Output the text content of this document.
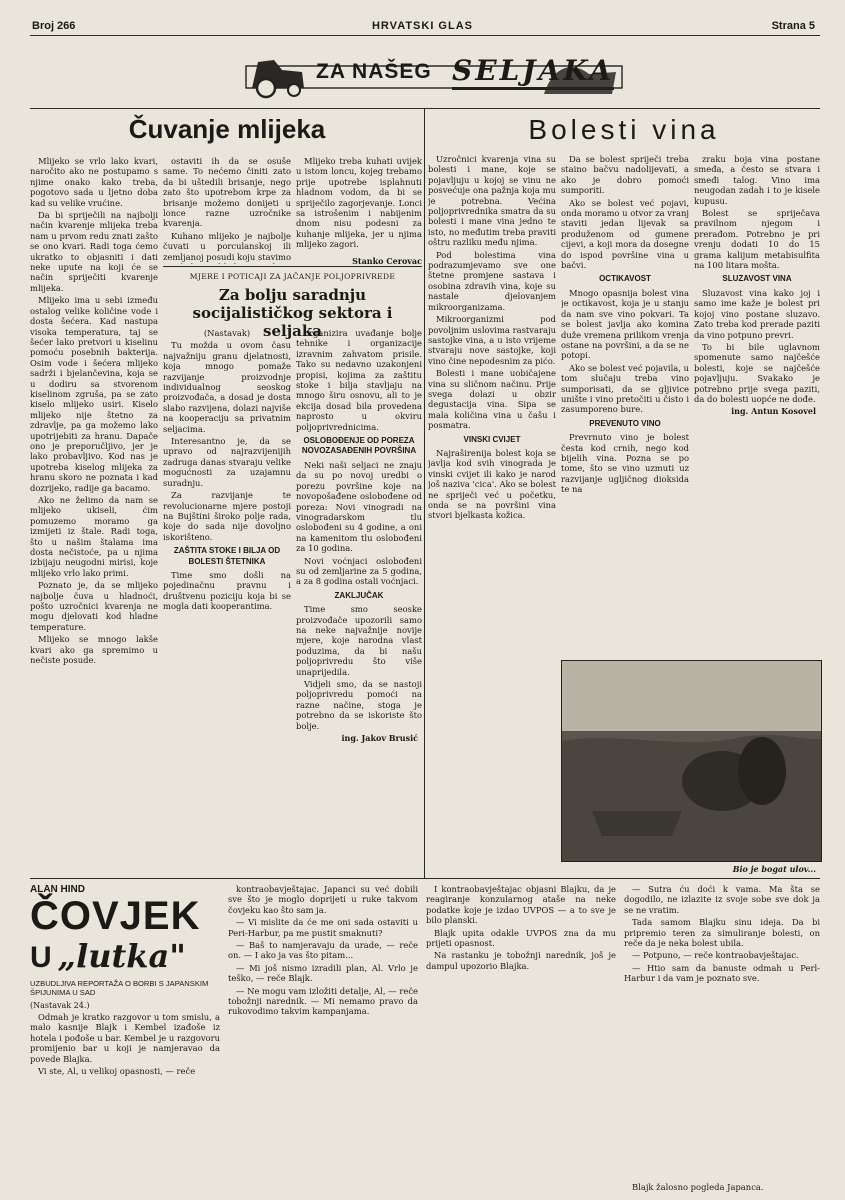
Broj 266	HRVATSKI GLAS	Strana 5
ZA NAŠEG SELJAKA
Čuvanje mlijeka

Mlijeko se vrlo lako kvari, naročito ako ne postupamo s njime onako kako treba, pogotovo sada u ljetno doba kad su velike vrućine.

Da bi spriječili na najbolji način kvarenje mlijeka treba nam u prvom redu znati zašto se ono kvari. Radi toga ćemo ukratko to objasniti i dati neke upute na koji će se način spriječiti kvarenje mlijeka.

Mlijeko ima u sebi između ostalog velike količine vode i dosta šećera. Kad nastupa visoka temperatura, taj se šećer lako pretvori u kiselinu pomoću posebnih bakterija. Osim vode i šećera mlijeko sadrži i bjelančevina, koja se u dodiru sa stvorenom kiselinom zgruša, pa se zato kiselo mlijeko usiri. Kiselo mlijeko nije štetno za zdravlje, pa ga možemo lako upotrijebiti za hranu. Dapače ono je preporučljivo, jer je lako probavljivo. Kod nas je upotreba kiselog mlijeka za hranu skoro ne poznata i kad dozrijeko, radije ga bacamo.

Ako ne želimo da nam se mlijeko ukiseli, ćim pomuzemo moramo ga izmijeti iz štale. Radi toga, što u našim štalama ima dosta nečistoće, pa u njima izbijaju neugodni mirisi, koje mlijeko vrlo lako primi.

Poznato je, da se mlijeko najbolje čuva u hladnoći, pošto uzročnici kvarenja ne mogu djelovati kod hladne temperature.

Mlijeko se mnogo lakše kvari ako ga spremimo u nečiste posude.

ostaviti ih da se osuše same. To nećemo činiti zato da bi uštedili brisanje, nego zato što upotrebom krpe za brisanje možemo donijeti u lonce razne uzročnike kvarenja.

Kuhano mlijeko je najbolje čuvati u porculanskoj ili zemljanoj posudi koju stavimo

Mlijeko treba kuhati uvijek u istom loncu, kojeg trebamo prije upotrebe isplahnuti hladnom vodom, da bi se spriječilo zagorjevanje. Lonci sa istrošenim i nabijenim dnom nisu podesni za kuhanje mlijeka, jer u njima mlijeko zagori.

Stanko Cerovac
MJERE I POTICAJI ZA JAČANJE POLJOPRIVREDE
Za bolju saradnju socijalističkog sektora i seljaka

(Nastavak)

Tu možda u ovom času najvažniju granu djelatnosti, koja mnogo pomaže razvijanje proizvodnje individualnog seoskog proizvođača, a dosad je dosta slabo razvijena, dolazi najviše na kooperaciju sa privatnim seljacima.

Interesantno je, da se upravo od najrazvijenijih zadruga danas stvaraju velike mogućnosti za uzajamnu suradnju.

Za razvijanje te revolucionarne mjere postoji na Bujštini široko polje rada, koje do sada nije dovoljno iskorišteno.

ZAŠTITA STOKE I BILJA OD BOLESTI ŠTETNIKA

Time smo došli na pojedinačnu pravnu i društvenu poziciju koja bi se mogla dati kooperantima.

organizira uvađanje bolje tehnike i organizacije izravnim zahvatom prisile. Tako su nedavno uzakonjeni propisi, kojima za zaštitu stoke i bilja stavljaju na mnogo širu osnovu, ali to je ekcija dosad bila provedena naprosto u okviru poljoprivrednicima.

OSLOBOĐENJE OD POREZA NOVOZASAĐENIH POVRŠINA

Neki naši seljaci ne znaju da su po novoj uredbi o porezu površine koje na novopošađene oslobođene od poreza: Novi vinogradi na vinogradarskom tlu oslobođeni su 4 godine, a oni na kamenitom tlu oslobođeni za 10 godina.

Novi voćnjaci oslobođeni su od zemljarine za 5 godina, a za 8 godina ostali voćnjaci.

ZAKLJUČAK

Time smo seoske proizvođače upozorili samo na neke najvažnije novije mjere, koje narodna vlast poduzima, da bi našu poljoprivredu što više unaprijedila.

Vidjeli smo, da se nastoji poljoprivredu pomoći na razne načine, stoga je potrebno da se iskoriste što bolje.

ing. Jakov Brusić
Bolesti vina

Uzročnici kvarenja vina su bolesti i mane, koje se pojavljuju u kojoj se vinu ne posvećuje ona pažnja koja mu je potrebna. Većina poljoprivrednika smatra da su bolesti i mane vina jedno te isto, no međutim treba praviti oštru razliku među njima.

Pod bolestima vina podrazumjevamo sve one štetne promjene sastava i osobina zdravih vina, koje su nastale djelovanjem mikroorganizama.

Mikroorganizmi pod povoljnim uslovima rastvaraju sastojke vina, a u isto vrijeme stvaraju nove sastojke, koji vino čine nepodesnim za pićo.

Bolesti i mane uobičajene vina su sličnom načinu. Prije svega dolazi u obzir degustacija vina. Sipa se mala količina vina u čašu i posmatra.

VINSKI CVIJET

Najraširenija bolest koja se javlja kod svih vinograda je vinski cvijet ili kako je narod još naziva 'cica'. Ako se bolest ne spriječi već u početku, onda se na površini vina stvori bjelkasta kožica.

Da se bolest spriječi treba staino bačvu nadolijevati, a ako je dobro pomoći sumporiti.

Ako se bolest već pojavi, onda moramo u otvor za vranj staviti jedan lijevak sa produženom od gumene cijevi, a koji mora da dosegne do ispod površine vina u bačvi.

OCTIKAVOST

Mnogo opasnija bolest vina je octikavost, koja je u stanju da nam sve vino pokvari. Ta se bolest javlja ako komina duže vremena prilikom vrenja ostane na površini, a da se ne potopi.

Ako se bolest već pojavila, u tom slučaju treba vino sumporisati, da se gljivice unište i vino pretočiti u čisto i zasumporeno bure.

PREVENUTO VINO

Prevrnuto vino je bolest česta kod crnih, nego kod bijelih vina. Pozna se po tome, što se vino uzmuti uz razvijanje ugljičnog dioksida te na

zraku boja vina postane smeđa, a često se stvara i smeđi talog. Vino ima neugodan zadah i to je kisele kupusu.

Bolest se spriječava pravilnom njegom i prerađom. Potrebno je pri vrenju dodati 10 do 15 grama kalijum metabisulfita na 100 litara mošta.

SLUZAVOST VINA

Sluzavost vina kako joj i samo ime kaže je bolest pri kojoj vino postane sluzavo. Zato treba kod prerade paziti da vino potpuno prevri.

To bi bile uglavnom spomenute samo najčešće bolesti, koje se najčešće pojavljuju. Svakako je potrebno prije svega paziti, da do bolesti uopće ne dođe.

ing. Antun Kosovel
Bio je bogat ulov...
ALAN HIND
ČOVJEK
U „lutka"
UZBUDLJIVA REPORTAŽA O BORBI S JAPANSKIM ŠPIJUNIMA U SAD
(Nastavak 24.)

Odmah je kratko razgovor u tom smislu, a malo kasnije Blajk i Kembel izađoše iz hotela i pođoše u bar. Kembel je u razgovoru promijenio bar u koji je namjeravao da povede Blajka.

Vi ste, Al, u velikoj opasnosti, — reče

kontraobavještajac. Japanci su već dobili sve što je moglo doprijeti u ruke takvom čovjeku kao što sam ja.

— Vi mislite da će me oni sada ostaviti u Peri-Harbur, pa me pustit smaknuti?

— Baš to namjeravaju da urade, — reče on. — I ako ja vas što pitam...

— Mi još nismo izradili plan, Al. Vrlo je teško, — reče Blajk.

— Ne mogu vam izložiti detalje, Al, — reče tobožnji narednik. — Mi nemamo pravo da rukovodimo takvim kampanjama.

I kontraobavještajac objasni Blajku, da je reagiranje konzularnog ataše na neke podatke koje je izdao UVPOS — a to sve je bilo planski.

Blajk upita odakle UVPOS zna da mu prijeti opasnost.

Na rastanku je tobožnji narednik, još je dampul upozorio Blajka.

— Sutra ću doći k vama. Ma šta se dogodilo, ne izlazite iz svoje sobe sve dok ja se ne vratim.

Tada samom Blajku sinu ideja. Da bi pripremio teren za simuliranje bolesti, on reče da je neka bolest ubila.

— Potpuno, — reče kontraobavještajac.

— Htio sam da banuste odmah u Perl-Harbur i da vam je poznato sve.

Blajk žalosno pogleda Japanca.
